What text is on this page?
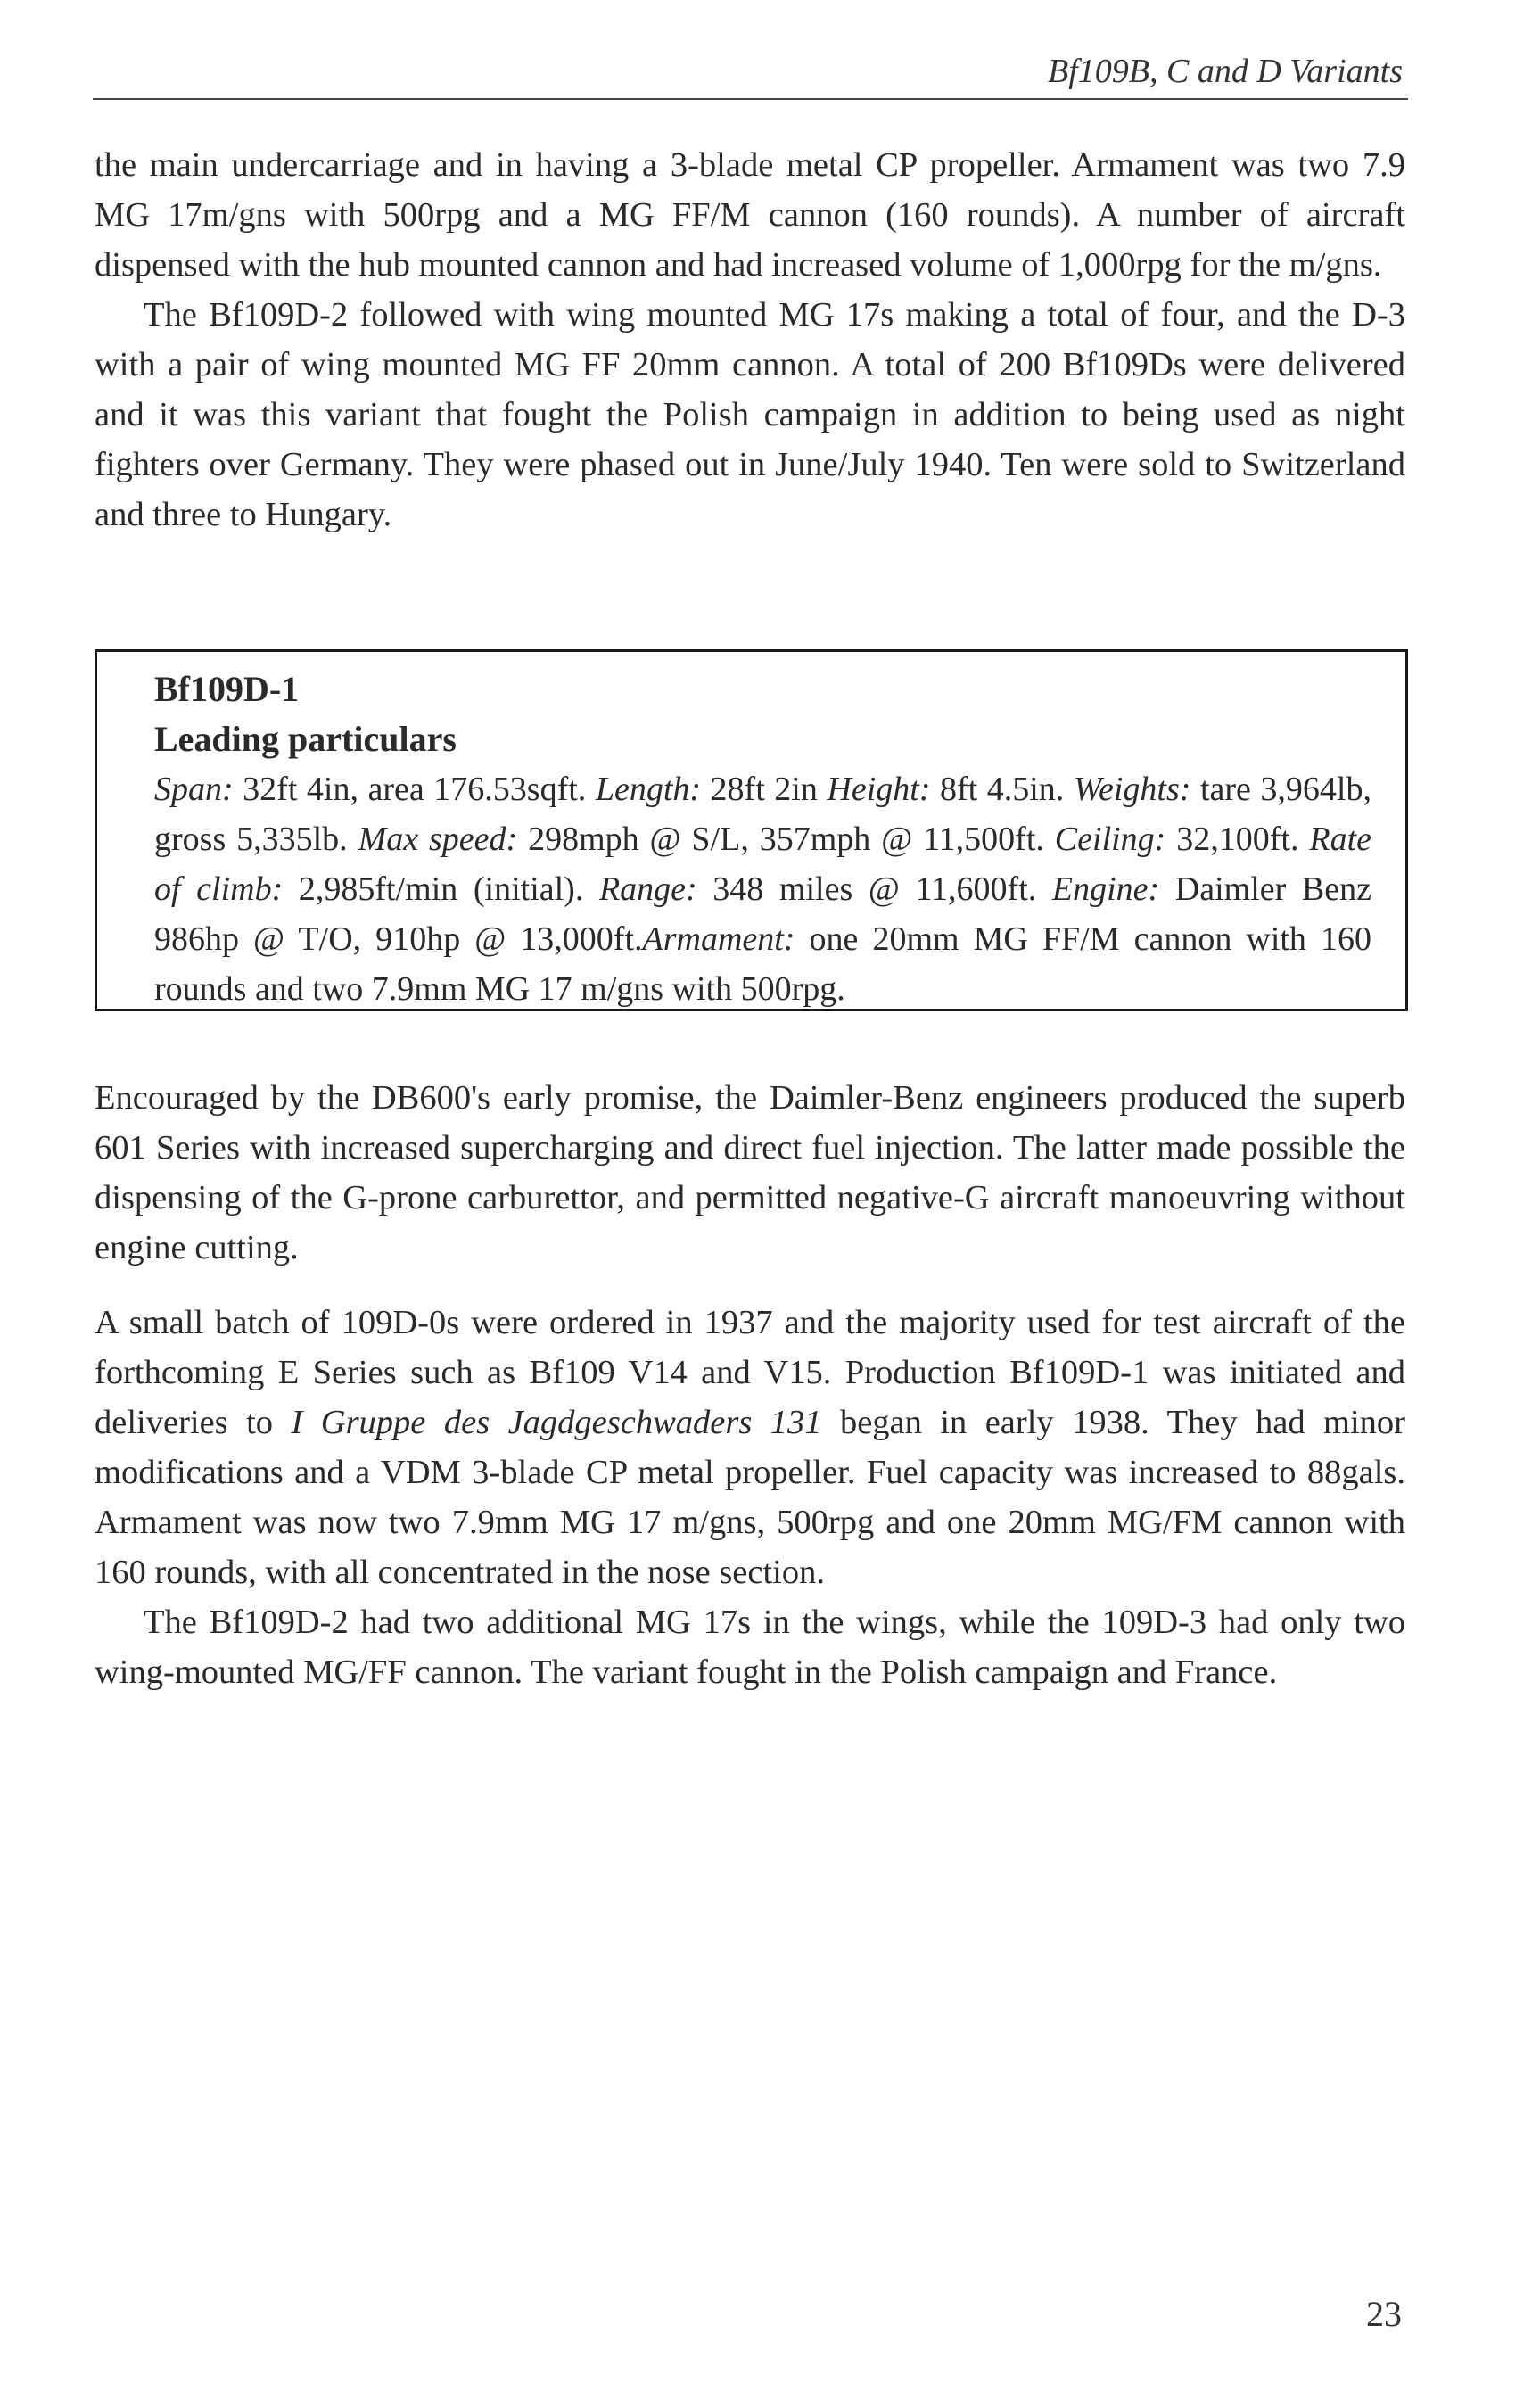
Bf109B, C and D Variants

the main undercarriage and in having a 3-blade metal CP propeller. Armament was two 7.9 MG 17m/gns with 500rpg and a MG FF/M cannon (160 rounds). A number of aircraft dispensed with the hub mounted cannon and had increased volume of 1,000rpg for the m/gns.

The Bf109D-2 followed with wing mounted MG 17s making a total of four, and the D-3 with a pair of wing mounted MG FF 20mm cannon. A total of 200 Bf109Ds were delivered and it was this variant that fought the Polish campaign in addition to being used as night fighters over Germany. They were phased out in June/July 1940. Ten were sold to Switzerland and three to Hungary.

Bf109D-1

Leading particulars

Span: 32ft 4in, area 176.53sqft. Length: 28ft 2in Height: 8ft 4.5in. Weights: tare 3,964lb, gross 5,335lb. Max speed: 298mph @ S/L, 357mph @ 11,500ft. Ceiling: 32,100ft. Rate of climb: 2,985ft/min (initial). Range: 348 miles @ 11,600ft. Engine: Daimler Benz 986hp @ T/O, 910hp @ 13,000ft.Armament: one 20mm MG FF/M cannon with 160 rounds and two 7.9mm MG 17 m/gns with 500rpg.

Encouraged by the DB600's early promise, the Daimler-Benz engineers produced the superb 601 Series with increased supercharging and direct fuel injection. The latter made possible the dispensing of the G-prone carburettor, and permitted negative-G aircraft manoeuvring without engine cutting.

A small batch of 109D-0s were ordered in 1937 and the majority used for test aircraft of the forthcoming E Series such as Bf109 V14 and V15. Production Bf109D-1 was initiated and deliveries to I Gruppe des Jagdgeschwaders 131 began in early 1938. They had minor modifications and a VDM 3-blade CP metal propeller. Fuel capacity was increased to 88gals. Armament was now two 7.9mm MG 17 m/gns, 500rpg and one 20mm MG/FM cannon with 160 rounds, with all concentrated in the nose section.

The Bf109D-2 had two additional MG 17s in the wings, while the 109D-3 had only two wing-mounted MG/FF cannon. The variant fought in the Polish campaign and France.

23
